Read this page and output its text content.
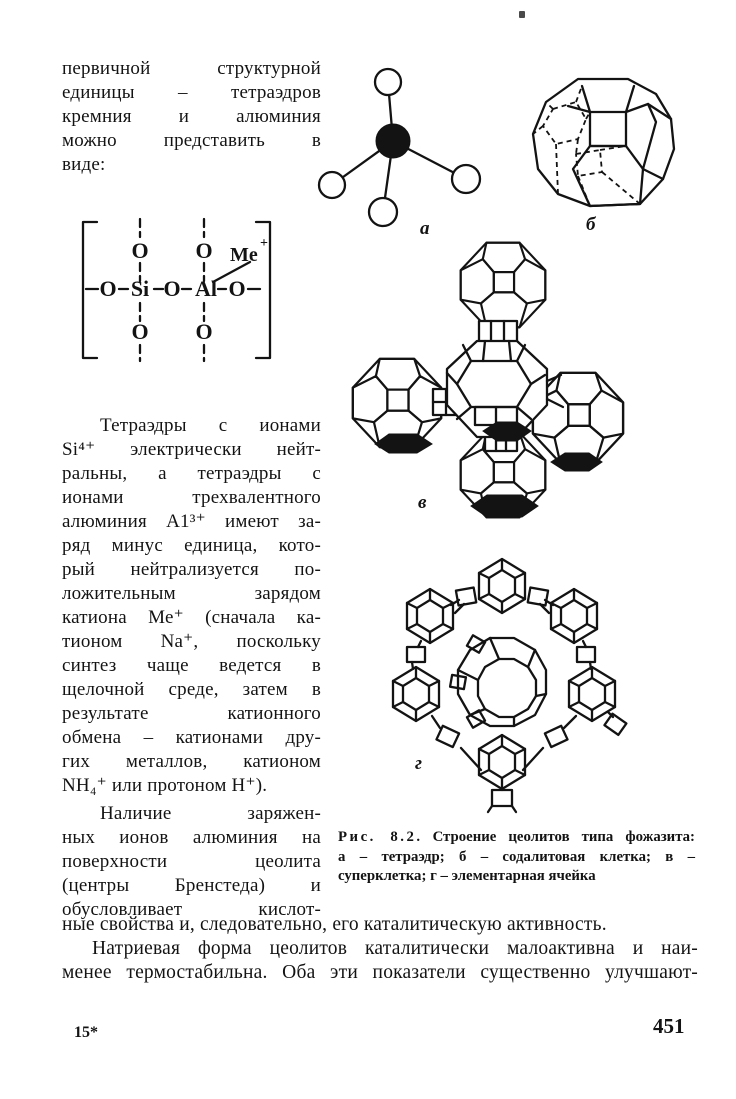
первичной структурной
единицы – тетраэдров
кремния и алюминия
можно представить в
виде:
O Si O Al O
O O
O O
Me
+
Тетраэдры с ионами
Si⁴⁺ электрически нейт-
ральны, а тетраэдры с
ионами трехвалентного
алюминия А1³⁺ имеют за-
ряд минус единица, кото-
рый нейтрализуется по-
ложительным зарядом
катиона Ме⁺ (сначала ка-
тионом Na⁺, поскольку
синтез чаще ведется в
щелочной среде, затем в
результате катионного
обмена – катионами дру-
гих металлов, катионом
NH₄⁺ или протоном Н⁺).
Наличие заряжен-
ных ионов алюминия на
поверхности цеолита
(центры Бренстеда) и
обусловливает кислот-
а	б
в
г
Рис. 8.2. Строение цеолитов типа фожазита:
а – тетраэдр; б – содалитовая клетка; в –
суперклетка; г – элементарная ячейка
ные свойства и, следовательно, его каталитическую активность.
Натриевая форма цеолитов каталитически малоактивна и наи-
менее термостабильна. Оба эти показатели существенно улучшают-
15*	451
